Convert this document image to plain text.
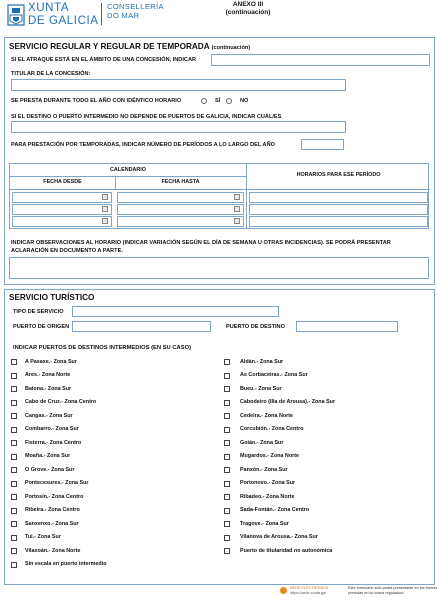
XUNTA
DE GALICIA
CONSELLERÍA
DO MAR
ANEXO III
(continuación)
SERVICIO REGULAR Y REGULAR DE TEMPORADA (continuación)
SI EL ATRAQUE ESTÁ EN EL ÁMBITO DE UNA CONCESIÓN, INDICAR
TITULAR DE LA CONCESIÓN:
SE PRESTA DURANTE TODO EL AÑO CON IDÉNTICO HORARIO	SÍ	NO
SI EL DESTINO O PUERTO INTERMEDIO NO DEPENDE DE PUERTOS DE GALICIA, INDICAR CUÁL/ES
PARA PRESTACIÓN POR TEMPORADAS, INDICAR NÚMERO DE PERÍODOS A LO LARGO DEL AÑO
CALENDARIO
FECHA DESDE	FECHA HASTA
HORARIOS PARA ESE PERÍODO
INDICAR OBSERVACIONES AL HORARIO (INDICAR VARIACIÓN SEGÚN EL DÍA DE SEMANA U OTRAS INCIDENCIAS). SE PODRÁ PRESENTAR ACLARACIÓN EN DOCUMENTO A PARTE.
SERVICIO TURÍSTICO
TIPO DE SERVICIO
PUERTO DE ORIGEN	PUERTO DE DESTINO
INDICAR PUERTOS DE DESTINOS INTERMEDIOS (EN SU CASO)
A Pasaxe.- Zona Sur
Ares.- Zona Norte
Baiona.- Zona Sur
Cabo de Cruz.- Zona Centro
Cangas.- Zona Sur
Combarro.- Zona Sur
Fisterra.- Zona Centro
Moaña.- Zona Sur
O Grove.- Zona Sur
Pontecesures.- Zona Sur
Portosín.- Zona Centro
Ribeira.- Zona Centro
Sanxenxo.- Zona Sur
Tui.- Zona Sur
Vilaxoán.- Zona Norte
Sin escala en puerto intermedio
Aldán.- Zona Sur
As Corbaceiras.- Zona Sur
Bueu.- Zona Sur
Cabodeiro (Illa de Arousa).- Zona Sur
Cedeira.- Zona Norte
Corcubión.- Zona Centro
Goián.- Zona Sur
Mugardos.- Zona Norte
Panxón.- Zona Sur
Portonovo.- Zona Sur
Ribadeo.- Zona Norte
Sada-Fontán.- Zona Centro
Tragove.- Zona Sur
Vilanova de Arousa.- Zona Sur
Puerto de titularidad no autonómica
SEDE ELECTRÓNICA
https://sede.xunta.gal
Este formulario sólo podrá presentarse en las formas previstas en la norma reguladora
